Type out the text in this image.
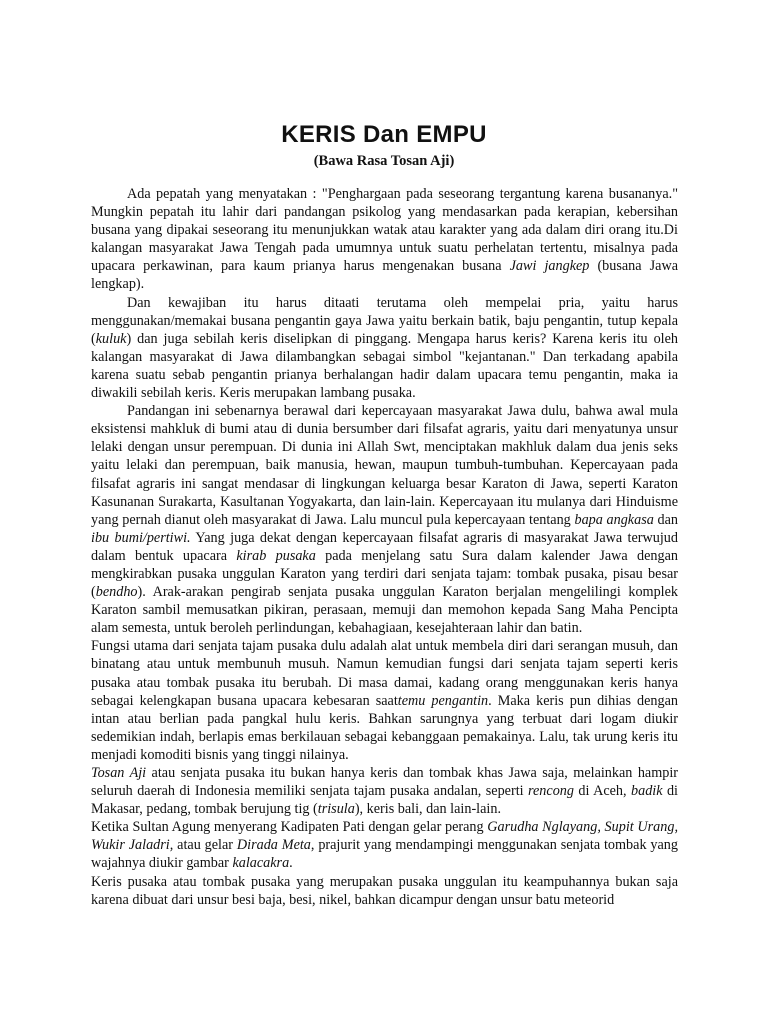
KERIS Dan EMPU
(Bawa Rasa Tosan Aji)

Ada pepatah yang menyatakan : "Penghargaan pada seseorang tergantung karena busananya." Mungkin pepatah itu lahir dari pandangan psikolog yang mendasarkan pada kerapian, kebersihan busana yang dipakai seseorang itu menunjukkan watak atau karakter yang ada dalam diri orang itu.Di kalangan masyarakat Jawa Tengah pada umumnya untuk suatu perhelatan tertentu, misalnya pada upacara perkawinan, para kaum prianya harus mengenakan busana Jawi jangkep (busana Jawa lengkap).

Dan kewajiban itu harus ditaati terutama oleh mempelai pria, yaitu harus menggunakan/memakai busana pengantin gaya Jawa yaitu berkain batik, baju pengantin, tutup kepala (kuluk) dan juga sebilah keris diselipkan di pinggang. Mengapa harus keris? Karena keris itu oleh kalangan masyarakat di Jawa dilambangkan sebagai simbol "kejantanan." Dan terkadang apabila karena suatu sebab pengantin prianya berhalangan hadir dalam upacara temu pengantin, maka ia diwakili sebilah keris. Keris merupakan lambang pusaka.

Pandangan ini sebenarnya berawal dari kepercayaan masyarakat Jawa dulu, bahwa awal mula eksistensi mahkluk di bumi atau di dunia bersumber dari filsafat agraris, yaitu dari menyatunya unsur lelaki dengan unsur perempuan. Di dunia ini Allah Swt, menciptakan makhluk dalam dua jenis seks yaitu lelaki dan perempuan, baik manusia, hewan, maupun tumbuh-tumbuhan. Kepercayaan pada filsafat agraris ini sangat mendasar di lingkungan keluarga besar Karaton di Jawa, seperti Karaton Kasunanan Surakarta, Kasultanan Yogyakarta, dan lain-lain. Kepercayaan itu mulanya dari Hinduisme yang pernah dianut oleh masyarakat di Jawa. Lalu muncul pula kepercayaan tentang bapa angkasa dan ibu bumi/pertiwi. Yang juga dekat dengan kepercayaan filsafat agraris di masyarakat Jawa terwujud dalam bentuk upacara kirab pusaka pada menjelang satu Sura dalam kalender Jawa dengan mengkirabkan pusaka unggulan Karaton yang terdiri dari senjata tajam: tombak pusaka, pisau besar (bendho). Arak-arakan pengirab senjata pusaka unggulan Karaton berjalan mengelilingi komplek Karaton sambil memusatkan pikiran, perasaan, memuji dan memohon kepada Sang Maha Pencipta alam semesta, untuk beroleh perlindungan, kebahagiaan, kesejahteraan lahir dan batin.

Fungsi utama dari senjata tajam pusaka dulu adalah alat untuk membela diri dari serangan musuh, dan binatang atau untuk membunuh musuh. Namun kemudian fungsi dari senjata tajam seperti keris pusaka atau tombak pusaka itu berubah. Di masa damai, kadang orang menggunakan keris hanya sebagai kelengkapan busana upacara kebesaran saattemu pengantin. Maka keris pun dihias dengan intan atau berlian pada pangkal hulu keris. Bahkan sarungnya yang terbuat dari logam diukir sedemikian indah, berlapis emas berkilauan sebagai kebanggaan pemakainya. Lalu, tak urung keris itu menjadi komoditi bisnis yang tinggi nilainya.

Tosan Aji atau senjata pusaka itu bukan hanya keris dan tombak khas Jawa saja, melainkan hampir seluruh daerah di Indonesia memiliki senjata tajam pusaka andalan, seperti rencong di Aceh, badik di Makasar, pedang, tombak berujung tig (trisula), keris bali, dan lain-lain.

Ketika Sultan Agung menyerang Kadipaten Pati dengan gelar perang Garudha Nglayang, Supit Urang, Wukir Jaladri, atau gelar Dirada Meta, prajurit yang mendampingi menggunakan senjata tombak yang wajahnya diukir gambar kalacakra.

Keris pusaka atau tombak pusaka yang merupakan pusaka unggulan itu keampuhannya bukan saja karena dibuat dari unsur besi baja, besi, nikel, bahkan dicampur dengan unsur batu meteorid
